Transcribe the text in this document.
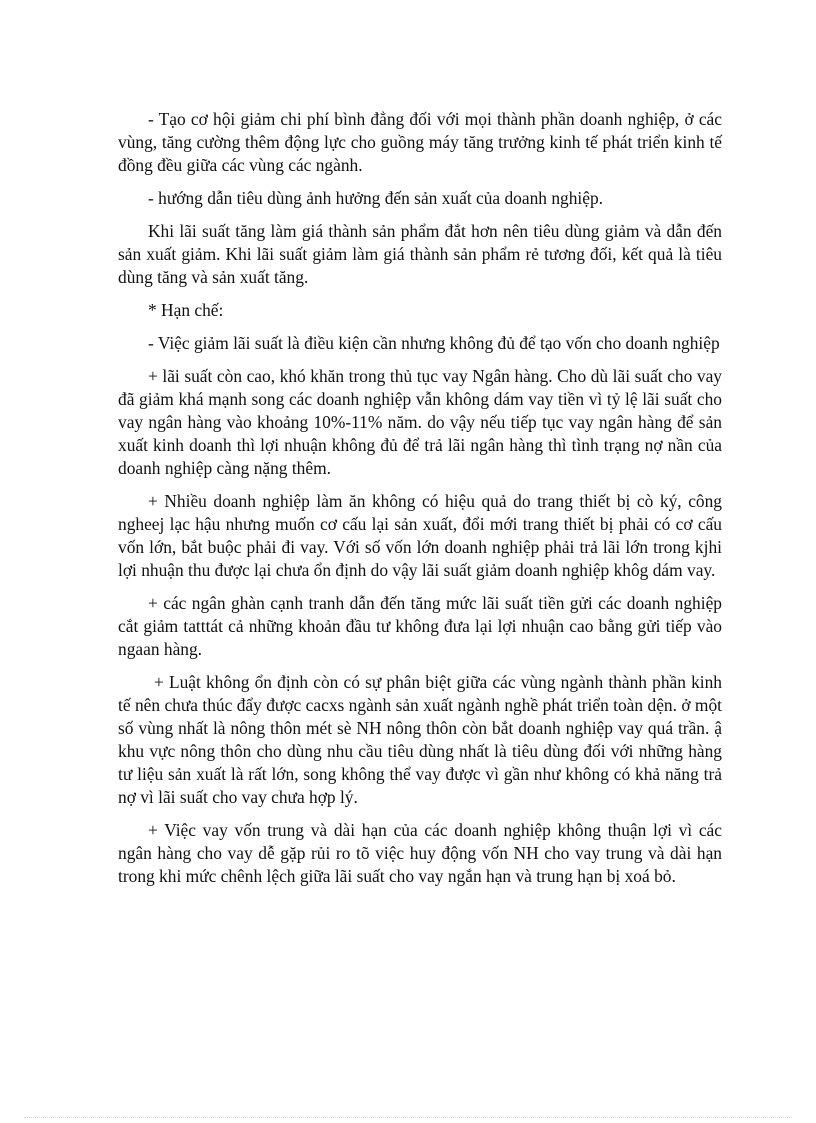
- Tạo cơ hội giảm chi phí bình đẳng đối với mọi thành phần doanh nghiệp, ở các vùng, tăng cường thêm động lực cho guồng máy tăng trưởng kinh tế phát triển kinh tế đồng đều giữa các vùng các ngành.

- hướng dẫn tiêu dùng ảnh hưởng đến sản xuất của doanh nghiệp.

Khi lãi suất tăng làm giá thành sản phẩm đắt hơn nên tiêu dùng giảm và dẫn đến sản xuất giảm. Khi lãi suất giảm làm giá thành sản phẩm rẻ tương đối, kết quả là tiêu dùng tăng và sản xuất tăng.

* Hạn chế:

- Việc giảm lãi suất là điều kiện cần nhưng không đủ để tạo vốn cho doanh nghiệp

+ lãi suất còn cao, khó khăn trong thủ tục vay Ngân hàng. Cho dù lãi suất cho vay đã giảm khá mạnh song các doanh nghiệp vẫn không dám vay tiền vì tỷ lệ lãi suất cho vay ngân hàng vào khoảng 10%-11% năm. do vậy nếu tiếp tục vay ngân hàng để sản xuất kinh doanh thì lợi nhuận không đủ để trả lãi ngân hàng thì tình trạng nợ nần của doanh nghiệp càng nặng thêm.

+ Nhiều doanh nghiệp làm ăn không có hiệu quả do trang thiết bị cò ký, công ngheej lạc hậu nhưng muốn cơ cấu lại sản xuất, đổi mới trang thiết bị phải có cơ cấu vốn lớn, bắt buộc phải đi vay. Với số vốn lớn doanh nghiệp phải trả lãi lớn trong kjhi lợi nhuận thu được lại chưa ổn định do vậy lãi suất giảm doanh nghiệp khôg dám vay.

+ các ngân ghàn cạnh tranh dẫn đến tăng mức lãi suất tiền gửi các doanh nghiệp cắt giảm tatttát cả những khoản đầu tư không đưa lại lợi nhuận cao bằng gửi tiếp vào ngaan hàng.

+ Luật không ổn định còn có sự phân biệt giữa các vùng ngành thành phần kinh tế nên chưa thúc đẩy được cacxs ngành sản xuất ngành nghề phát triển toàn dện. ở một số vùng nhất là nông thôn mét sè NH nông thôn còn bắt doanh nghiệp vay quá trần. ậ khu vực nông thôn cho dùng nhu cầu tiêu dùng nhất là tiêu dùng đối với những hàng tư liệu sản xuất là rất lớn, song không thể vay được vì gần như không có khả năng trả nợ vì lãi suất cho vay chưa hợp lý.

+ Việc vay vốn trung và dài hạn của các doanh nghiệp không thuận lợi vì các ngân hàng cho vay dễ gặp rủi ro tõ việc huy động vốn NH cho vay trung và dài hạn trong khi mức chênh lệch giữa lãi suất cho vay ngắn hạn và trung hạn bị xoá bỏ.
